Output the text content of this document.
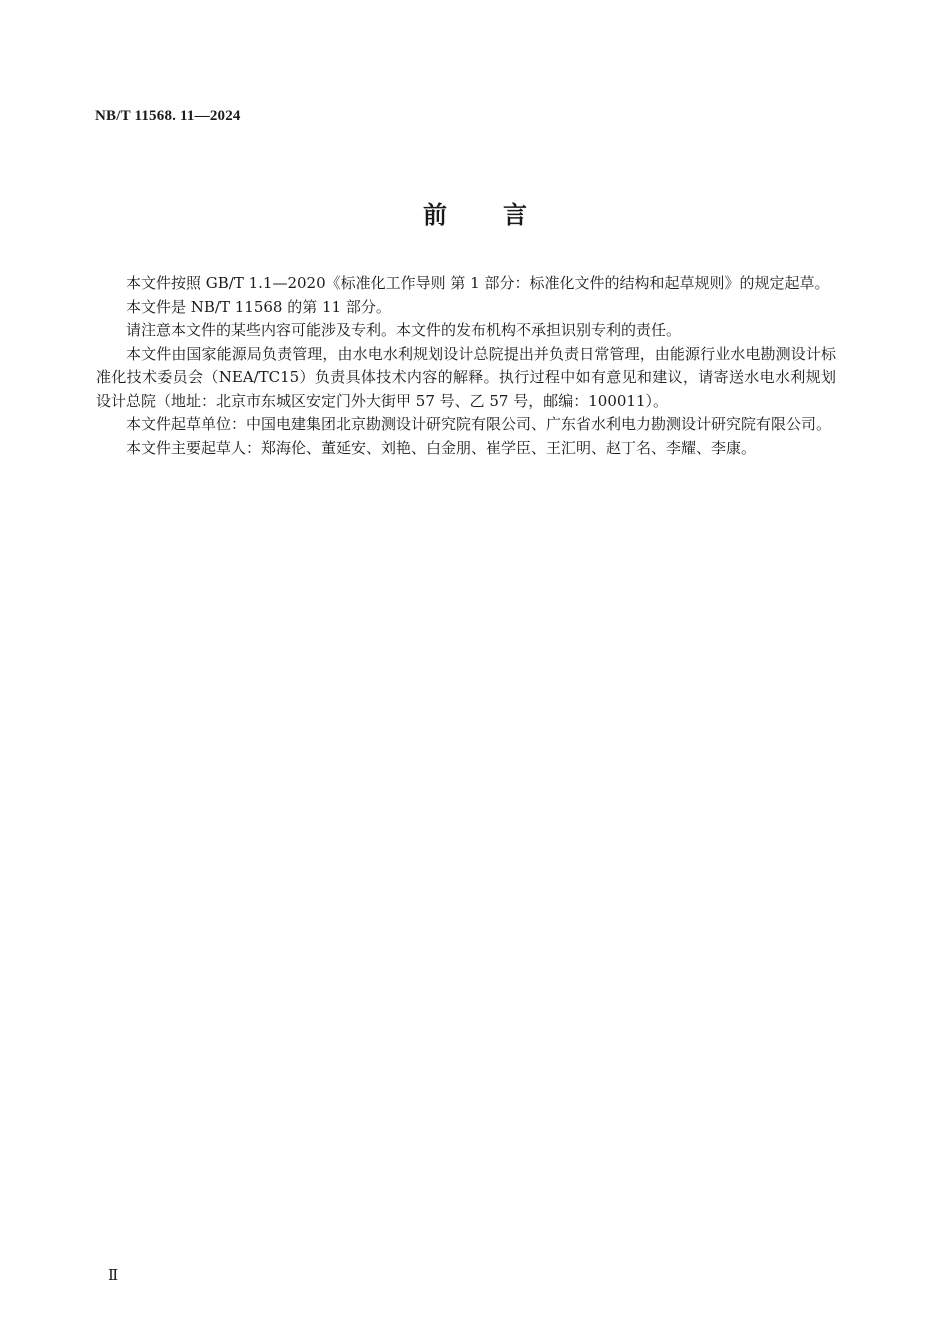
NB/T 11568. 11—2024
前言

本文件按照 GB/T 1.1—2020《标准化工作导则 第 1 部分：标准化文件的结构和起草规则》的规定起草。

本文件是 NB/T 11568 的第 11 部分。

请注意本文件的某些内容可能涉及专利。本文件的发布机构不承担识别专利的责任。

本文件由国家能源局负责管理，由水电水利规划设计总院提出并负责日常管理，由能源行业水电勘测设计标准化技术委员会（NEA/TC15）负责具体技术内容的解释。执行过程中如有意见和建议，请寄送水电水利规划设计总院（地址：北京市东城区安定门外大街甲 57 号、乙 57 号，邮编：100011）。

本文件起草单位：中国电建集团北京勘测设计研究院有限公司、广东省水利电力勘测设计研究院有限公司。

本文件主要起草人：郑海伦、董延安、刘艳、白金朋、崔学臣、王汇明、赵丁名、李耀、李康。

Ⅱ
